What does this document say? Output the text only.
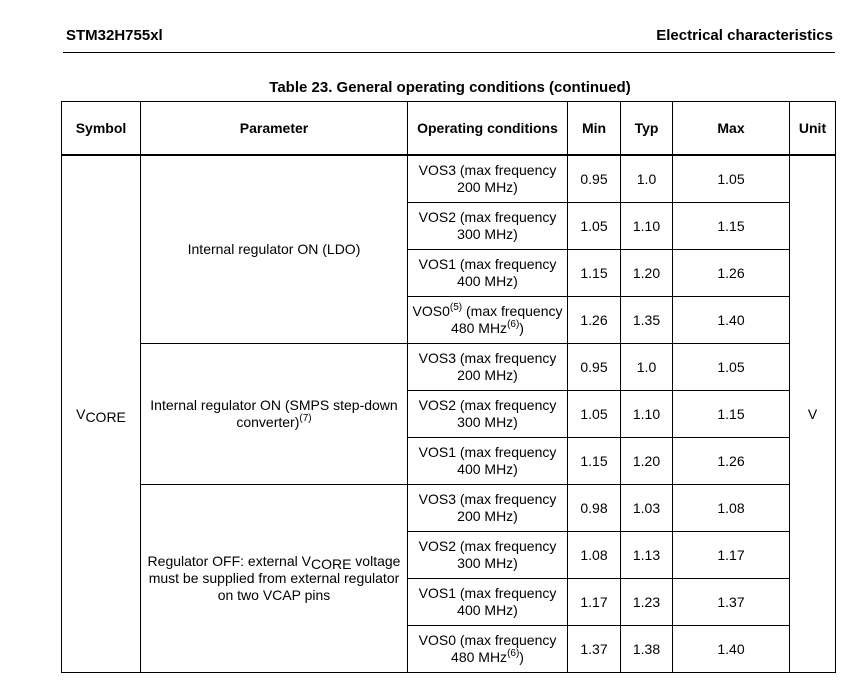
STM32H755xl	Electrical characteristics
Table 23. General operating conditions (continued)
Symbol	Parameter	Operating conditions	Min	Typ	Max	Unit
$V_{CORE}$	Internal regulator ON (LDO)	VOS3 (max frequency 200 MHz)	0.95	1.0	1.05	V
		VOS2 (max frequency 300 MHz)	1.05	1.10	1.15	
		VOS1 (max frequency 400 MHz)	1.15	1.20	1.26	
		VOS0$^{(5)}$ (max frequency 480 MHz$^{(6)}$)	1.26	1.35	1.40	
	Internal regulator ON (SMPS step-down converter)$^{(7)}$	VOS3 (max frequency 200 MHz)	0.95	1.0	1.05	
		VOS2 (max frequency 300 MHz)	1.05	1.10	1.15	
		VOS1 (max frequency 400 MHz)	1.15	1.20	1.26	
	Regulator OFF: external $V_{CORE}$ voltage must be supplied from external regulator on two VCAP pins	VOS3 (max frequency 200 MHz)	0.98	1.03	1.08	
		VOS2 (max frequency 300 MHz)	1.08	1.13	1.17	
		VOS1 (max frequency 400 MHz)	1.17	1.23	1.37	
		VOS0 (max frequency 480 MHz$^{(6)}$)	1.37	1.38	1.40	
